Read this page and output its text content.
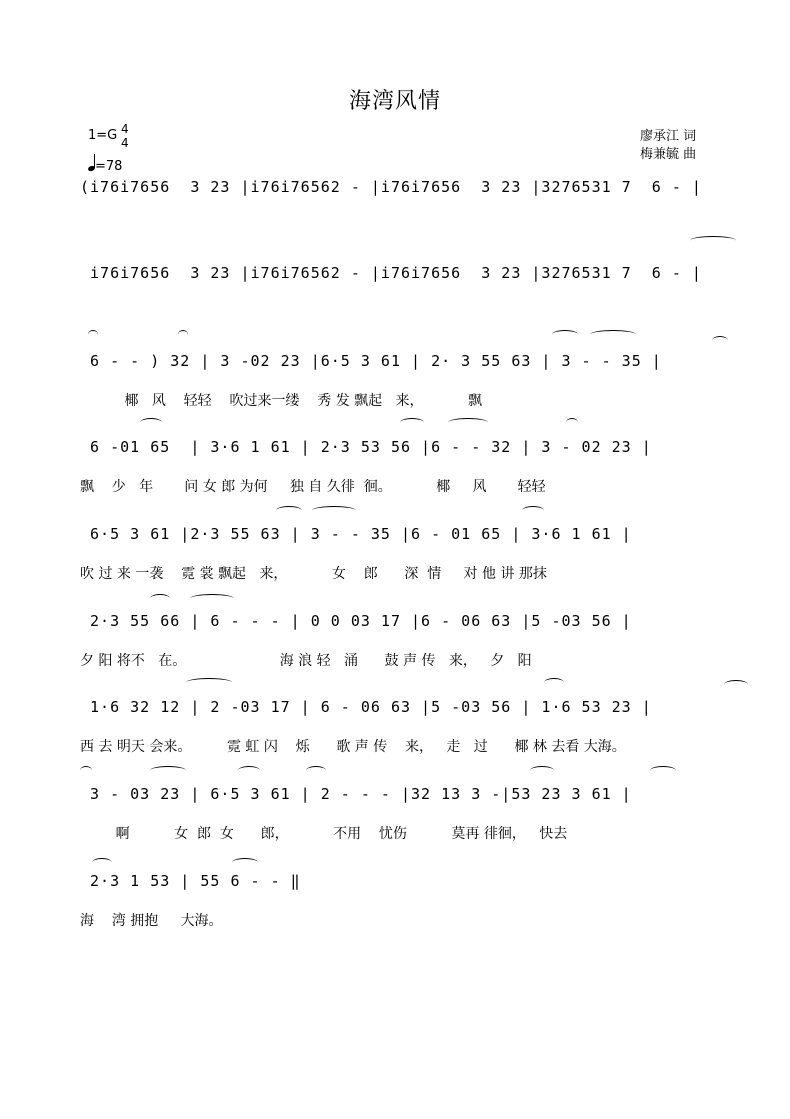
海湾风情
1=G 4
4
=78
廖承江 词
梅兼毓 曲
(i76i7656  3 23 |i76i76562 - |i76i7656  3 23 |3276531 7  6 - |
i76i7656  3 23 |i76i76562 - |i76i7656  3 23 |3276531 7  6 - |
6 - - ) 32 | 3 -02 23 |6·5 3 61 | 2· 3 55 63 | 3 - - 35 |
椰   风    轻轻    吹过来一缕    秀 发 飘起   来，          飘
6 -01 65  | 3·6 1 61 | 2·3 53 56 |6 - - 32 | 3 - 02 23 |
飘    少   年       问 女 郎 为何     独 自 久徘  徊。          椰     风       轻轻
6·5 3 61 |2·3 55 63 | 3 - - 35 |6 - 01 65 | 3·6 1 61 |
吹 过 来 一袭    霓 裳 飘起   来，          女    郎      深  情     对 他 讲 那抹
2·3 55 66 | 6 - - - | 0 0 03 17 |6 - 06 63 |5 -03 56 |
夕 阳 将不   在。                     海 浪 轻   涌      鼓 声 传   来，   夕   阳
1·6 32 12 | 2 -03 17 | 6 - 06 63 |5 -03 56 | 1·6 53 23 |
西 去 明天 会来。        霓 虹 闪    烁      歌 声 传    来，   走   过      椰 林 去看 大海。
3 - 03 23 | 6·5 3 61 | 2 - - - |32 13 3 -|53 23 3 61 |
啊          女  郎  女      郎，          不用    忧伤          莫再 徘徊，   快去
2·3 1 53 | 55 6 - - ‖
海    湾 拥抱     大海。
